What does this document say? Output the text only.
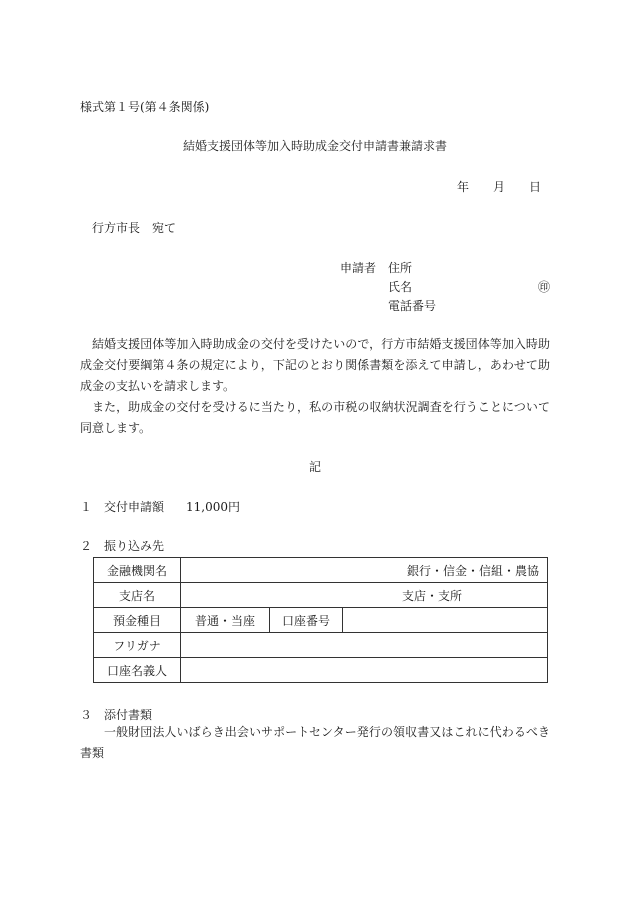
様式第１号(第４条関係)
結婚支援団体等加入時助成金交付申請書兼請求書
年 月 日
行方市長　宛て
申請者 住所
氏名	㊞
電話番号

結婚支援団体等加入時助成金の交付を受けたいので，行方市結婚支援団体等加入時助成金交付要綱第４条の規定により，下記のとおり関係書類を添えて申請し，あわせて助成金の支払いを請求します。

また，助成金の交付を受けるに当たり，私の市税の収納状況調査を行うことについて同意します。

記
１ 交付申請額 11,000円
２ 振り込み先
金融機関名	銀行・信金・信組・農協		
支店名	支店・支所		
預金種目	普通・当座	口座番号	
フリガナ			
口座名義人			
３ 添付書類
一般財団法人いばらき出会いサポートセンター発行の領収書又はこれに代わるべき書類
